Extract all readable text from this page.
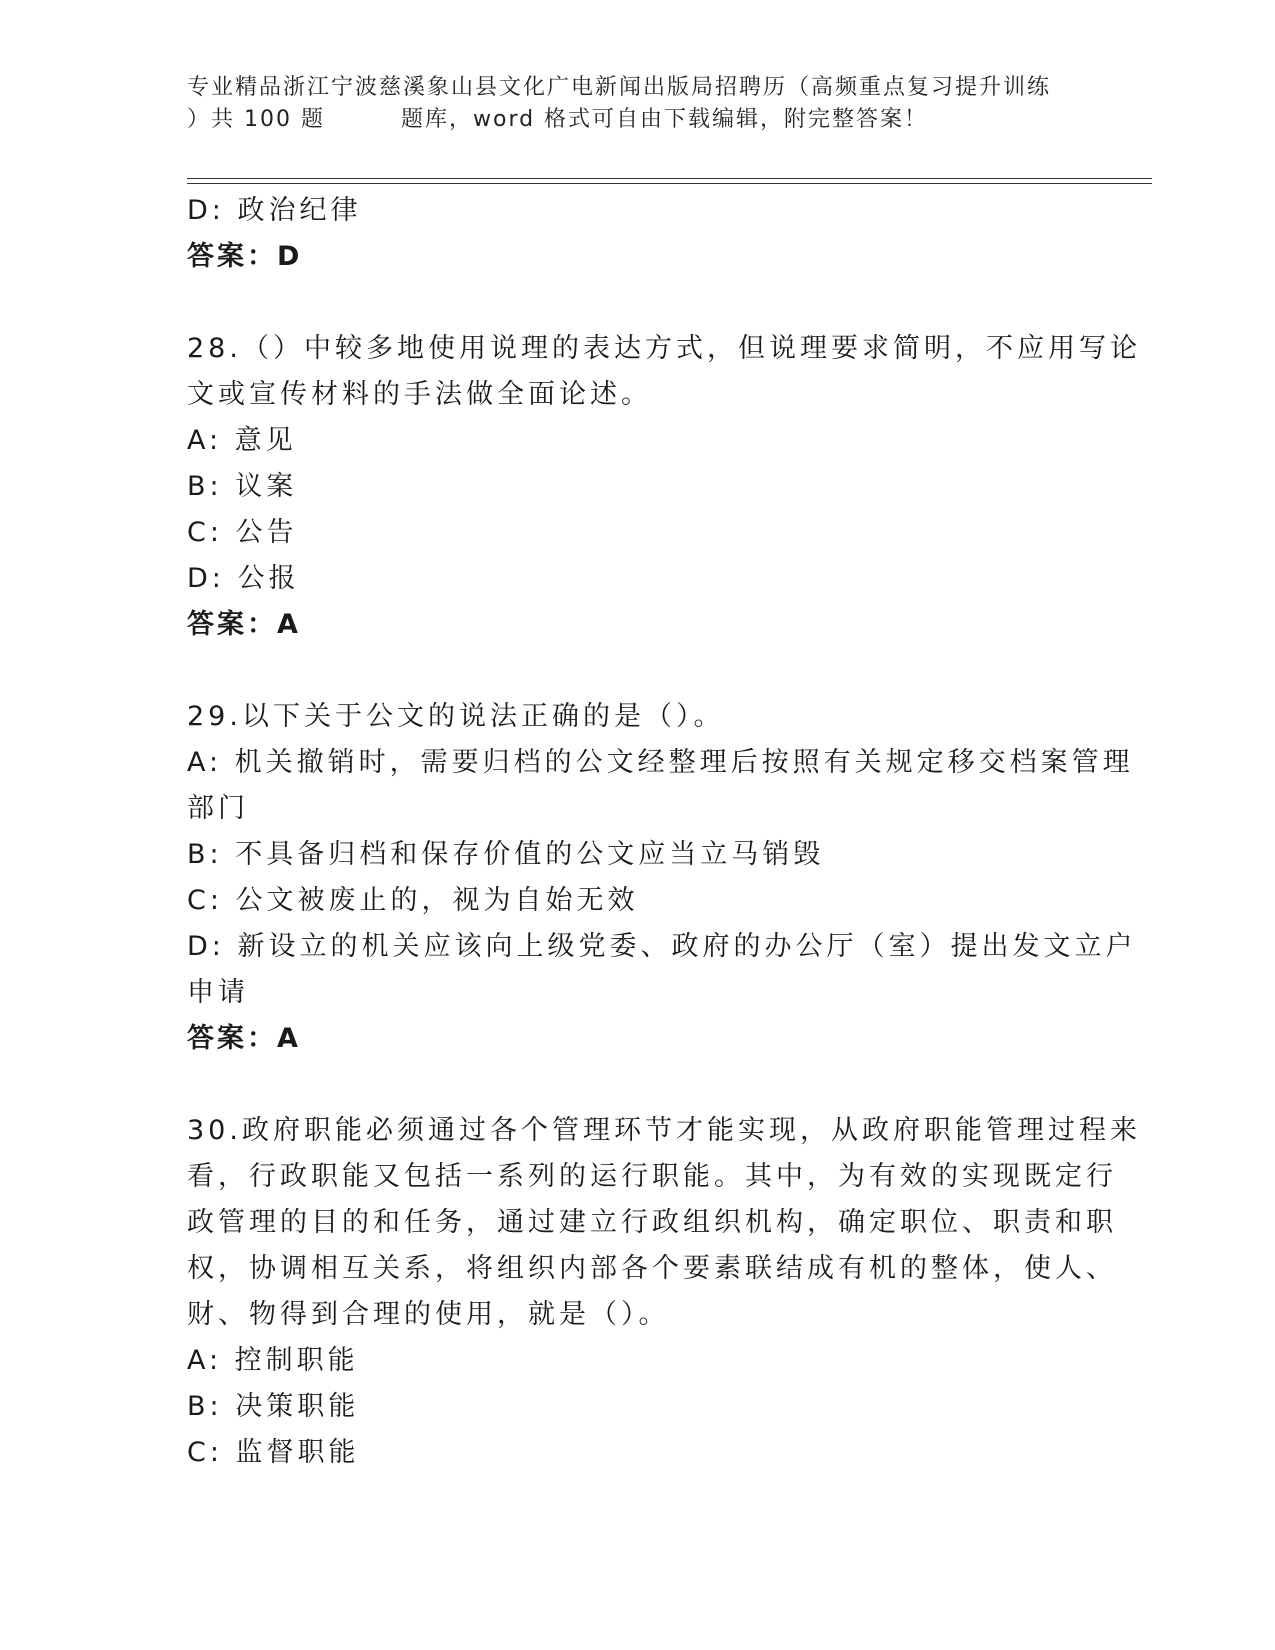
专业精品浙江宁波慈溪象山县文化广电新闻出版局招聘历（高频重点复习提升训练
）共 100 题	题库，word 格式可自由下载编辑，附完整答案！
D: 政治纪律
答案：D
28.（）中较多地使用说理的表达方式，但说理要求简明，不应用写论
文或宣传材料的手法做全面论述。
A: 意见
B: 议案
C: 公告
D: 公报
答案：A
29.以下关于公文的说法正确的是（）。
A: 机关撤销时，需要归档的公文经整理后按照有关规定移交档案管理
部门
B: 不具备归档和保存价值的公文应当立马销毁
C: 公文被废止的，视为自始无效
D: 新设立的机关应该向上级党委、政府的办公厅（室）提出发文立户
申请
答案：A
30.政府职能必须通过各个管理环节才能实现，从政府职能管理过程来
看，行政职能又包括一系列的运行职能。其中，为有效的实现既定行
政管理的目的和任务，通过建立行政组织机构，确定职位、职责和职
权，协调相互关系，将组织内部各个要素联结成有机的整体，使人、
财、物得到合理的使用，就是（）。
A: 控制职能
B: 决策职能
C: 监督职能
